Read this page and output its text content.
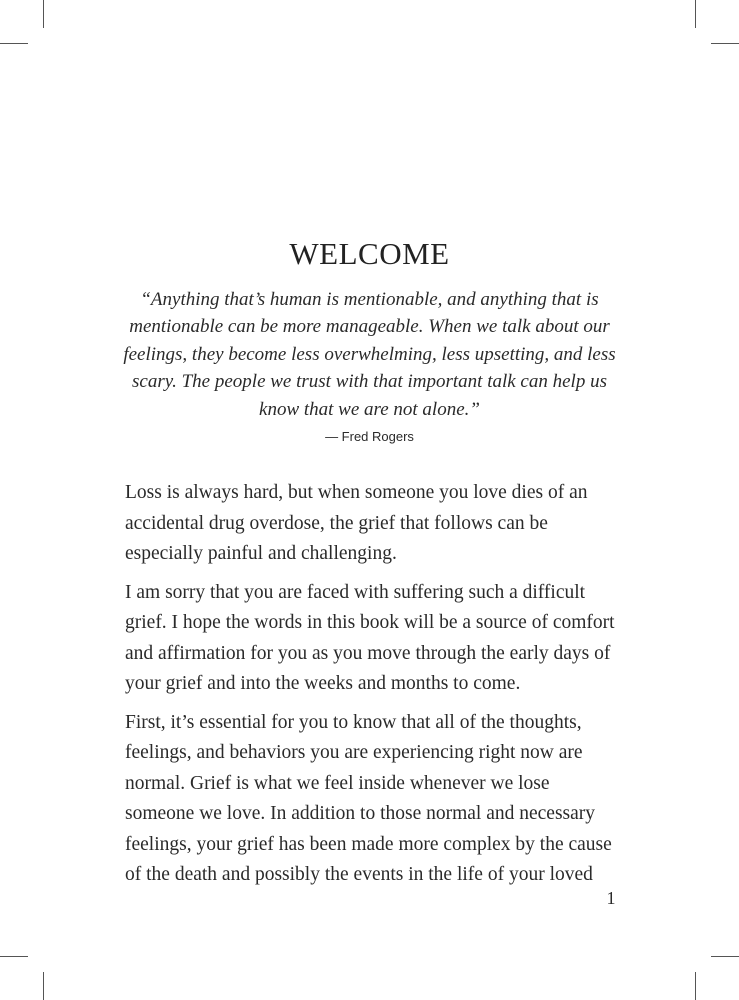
WELCOME

“Anything that’s human is mentionable, and anything that is mentionable can be more manageable. When we talk about our feelings, they become less overwhelming, less upsetting, and less scary. The people we trust with that important talk can help us know that we are not alone.”

— Fred Rogers

Loss is always hard, but when someone you love dies of an accidental drug overdose, the grief that follows can be especially painful and challenging.

I am sorry that you are faced with suffering such a difficult grief. I hope the words in this book will be a source of comfort and affirmation for you as you move through the early days of your grief and into the weeks and months to come.

First, it’s essential for you to know that all of the thoughts, feelings, and behaviors you are experiencing right now are normal. Grief is what we feel inside whenever we lose someone we love. In addition to those normal and necessary feelings, your grief has been made more complex by the cause of the death and possibly the events in the life of your loved

1
